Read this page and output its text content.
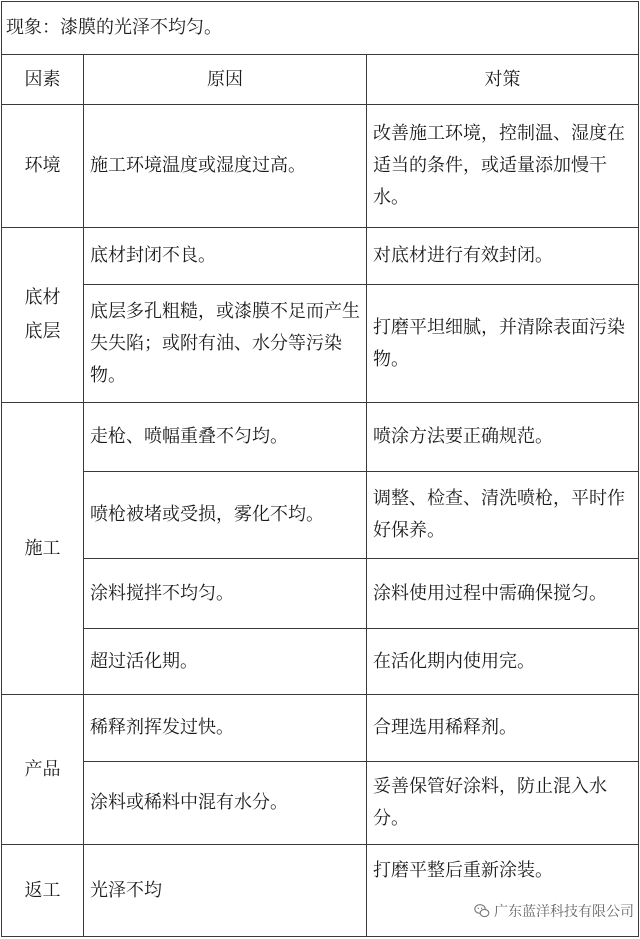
现象：漆膜的光泽不均匀。		
因素	原因	对策
环境	施工环境温度或湿度过高。	改善施工环境，控制温、湿度在适当的条件，或适量添加慢干水。
底材底层	底材封闭不良。	对底材进行有效封闭。
	底层多孔粗糙，或漆膜不足而产生失失陷；或附有油、水分等污染物。	打磨平坦细腻，并清除表面污染物。
施工	走枪、喷幅重叠不匀均。	喷涂方法要正确规范。
	喷枪被堵或受损，雾化不均。	调整、检查、清洗喷枪，平时作好保养。
	涂料搅拌不均匀。	涂料使用过程中需确保搅匀。
	超过活化期。	在活化期内使用完。
产品	稀释剂挥发过快。	合理选用稀释剂。
	涂料或稀料中混有水分。	妥善保管好涂料，防止混入水分。
返工	光泽不均	打磨平整后重新涂装。
广东蓝洋科技有限公司
